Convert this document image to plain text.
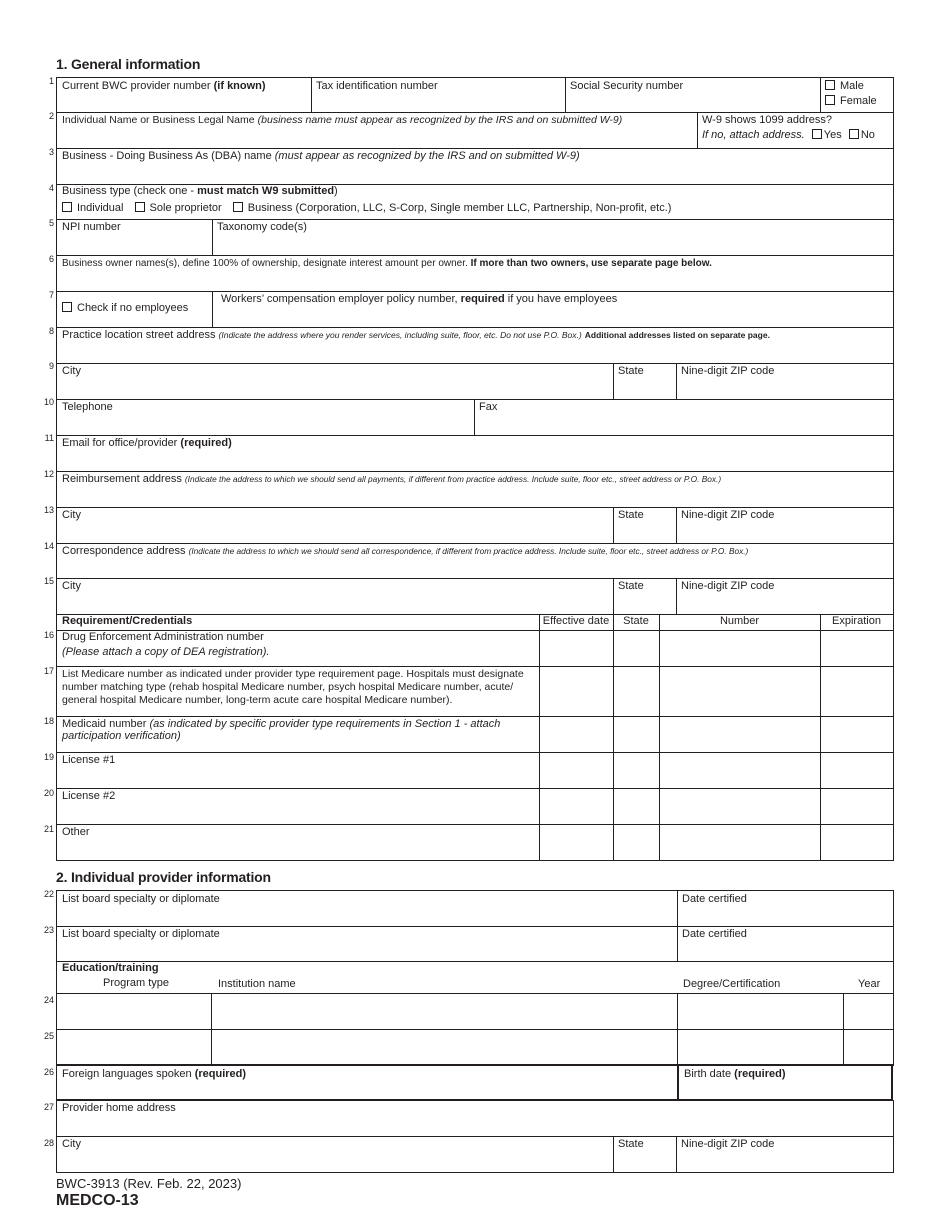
1. General information
1
2
3
4
5
6
7
8
9
10
11
12
13
14
15
16
17
18
19
20
21
Current BWC provider number (if known)	Tax identification number	Social Security number	Male
Female
Individual Name or Business Legal Name (business name must appear as recognized by the IRS and on submitted W-9)	W-9 shows 1099 address?
If no, attach address. Yes No
Business - Doing Business As (DBA) name (must appear as recognized by the IRS and on submitted W-9)
Business type (check one - must match W9 submitted)
Individual Sole proprietor Business (Corporation, LLC, S-Corp, Single member LLC, Partnership, Non-profit, etc.)
NPI number	Taxonomy code(s)
Business owner names(s), define 100% of ownership, designate interest amount per owner. If more than two owners, use separate page below.
Check if no employees
Workers’ compensation employer policy number, required if you have employees
Practice location street address (Indicate the address where you render services, including suite, floor, etc. Do not use P.O. Box.) Additional addresses listed on separate page.
City	State	Nine-digit ZIP code
Telephone	Fax
Email for office/provider (required)
Reimbursement address (Indicate the address to which we should send all payments, if different from practice address. Include suite, floor etc., street address or P.O. Box.)
City	State	Nine-digit ZIP code
Correspondence address (Indicate the address to which we should send all correspondence, if different from practice address. Include suite, floor etc., street address or P.O. Box.)
City	State	Nine-digit ZIP code
Requirement/Credentials	Effective date	State	Number	Expiration
Drug Enforcement Administration number
(Please attach a copy of DEA registration).
List Medicare number as indicated under provider type requirement page. Hospitals must designate
number matching type (rehab hospital Medicare number, psych hospital Medicare number, acute/
general hospital Medicare number, long-term acute care hospital Medicare number).
Medicaid number (as indicated by specific provider type requirements in Section 1 - attach
participation verification)
License #1
License #2
Other
2. Individual provider information
22
23
24
25
26
27
28
List board specialty or diplomate	Date certified
List board specialty or diplomate	Date certified
Education/training
Program type	Institution name	Degree/Certification	Year
Foreign languages spoken (required)	Birth date (required)
Provider home address
City	State	Nine-digit ZIP code
BWC-3913 (Rev. Feb. 22, 2023)
MEDCO-13
